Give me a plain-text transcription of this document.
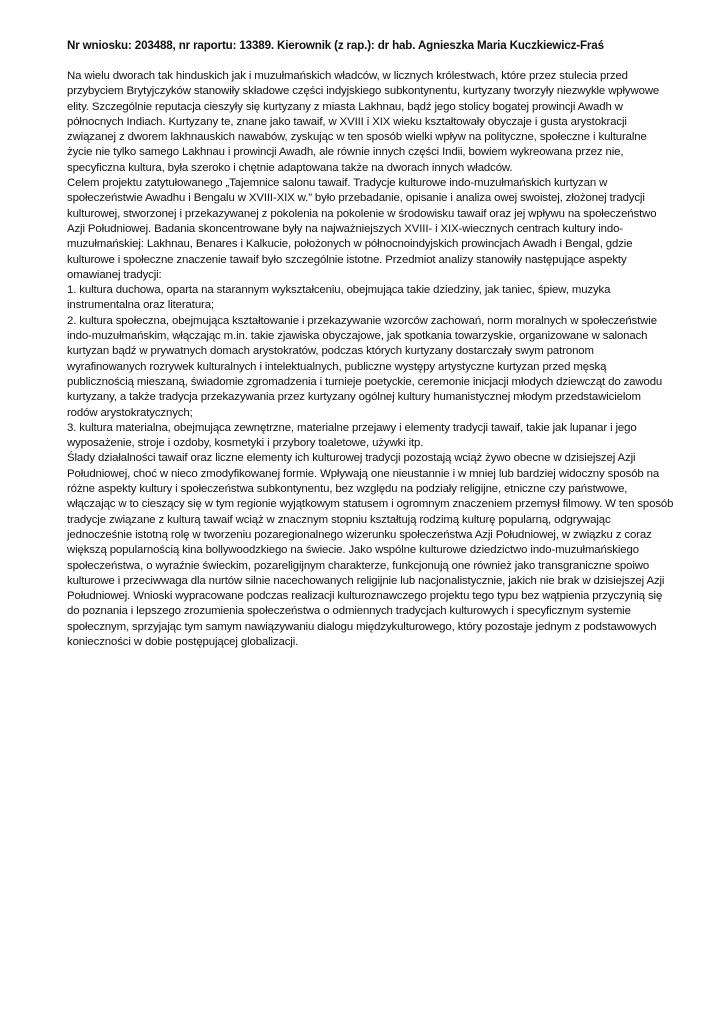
Nr wniosku: 203488, nr raportu: 13389. Kierownik (z rap.): dr hab. Agnieszka Maria Kuczkiewicz-Fraś

Na wielu dworach tak hinduskich jak i muzułmańskich władców, w licznych królestwach, które przez stulecia przed przybyciem Brytyjczyków stanowiły składowe części indyjskiego subkontynentu, kurtyzany tworzyły niezwykle wpływowe elity. Szczególnie reputacja cieszyły się kurtyzany z miasta Lakhnau, bądź jego stolicy bogatej prowincji Awadh w północnych Indiach. Kurtyzany te, znane jako tawaif, w XVIII i XIX wieku kształtowały obyczaje i gusta arystokracji związanej z dworem lakhnauskich nawabów, zyskując w ten sposób wielki wpływ na polityczne, społeczne i kulturalne życie nie tylko samego Lakhnau i prowincji Awadh, ale równie innych części Indii, bowiem wykreowana przez nie, specyficzna kultura, była szeroko i chętnie adaptowana także na dworach innych władców.

Celem projektu zatytułowanego „Tajemnice salonu tawaif. Tradycje kulturowe indo-muzułmańskich kurtyzan w społeczeństwie Awadhu i Bengalu w XVIII-XIX w.” było przebadanie, opisanie i analiza owej swoistej, złożonej tradycji kulturowej, stworzonej i przekazywanej z pokolenia na pokolenie w środowisku tawaif oraz jej wpływu na społeczeństwo Azji Południowej. Badania skoncentrowane były na najważniejszych XVIII- i XIX-wiecznych centrach kultury indo-muzułmańskiej: Lakhnau, Benares i Kalkucie, położonych w północnoindyjskich prowincjach Awadh i Bengal, gdzie kulturowe i społeczne znaczenie tawaif było szczególnie istotne. Przedmiot analizy stanowiły następujące aspekty omawianej tradycji:

1. kultura duchowa, oparta na starannym wykształceniu, obejmująca takie dziedziny, jak taniec, śpiew, muzyka instrumentalna oraz literatura;

2. kultura społeczna, obejmująca kształtowanie i przekazywanie wzorców zachowań, norm moralnych w społeczeństwie indo-muzułmańskim, włączając m.in. takie zjawiska obyczajowe, jak spotkania towarzyskie, organizowane w salonach kurtyzan bądź w prywatnych domach arystokratów, podczas których kurtyzany dostarczały swym patronom wyrafinowanych rozrywek kulturalnych i intelektualnych, publiczne występy artystyczne kurtyzan przed męską publicznością mieszaną, świadomie zgromadzenia i turnieje poetyckie, ceremonie inicjacji młodych dziewcząt do zawodu kurtyzany, a także tradycja przekazywania przez kurtyzany ogólnej kultury humanistycznej młodym przedstawicielom rodów arystokratycznych;

3. kultura materialna, obejmująca zewnętrzne, materialne przejawy i elementy tradycji tawaif, takie jak lupanar i jego wyposażenie, stroje i ozdoby, kosmetyki i przybory toaletowe, używki itp.

Ślady działalności tawaif oraz liczne elementy ich kulturowej tradycji pozostają wciąż żywo obecne w dzisiejszej Azji Południowej, choć w nieco zmodyfikowanej formie. Wpływają one nieustannie i w mniej lub bardziej widoczny sposób na różne aspekty kultury i społeczeństwa subkontynentu, bez względu na podziały religijne, etniczne czy państwowe, włączając w to cieszący się w tym regionie wyjątkowym statusem i ogromnym znaczeniem przemysł filmowy. W ten sposób tradycje związane z kulturą tawaif wciąż w znacznym stopniu kształtują rodzimą kulturę popularną, odgrywając jednocześnie istotną rolę w tworzeniu pozaregionalnego wizerunku społeczeństwa Azji Południowej, w związku z coraz większą popularnością kina bollywoodzkiego na świecie. Jako wspólne kulturowe dziedzictwo indo-muzułmańskiego społeczeństwa, o wyraźnie świeckim, pozareligijnym charakterze, funkcjonują one również jako transgraniczne spoiwo kulturowe i przeciwwaga dla nurtów silnie nacechowanych religijnie lub nacjonalistycznie, jakich nie brak w dzisiejszej Azji Południowej. Wnioski wypracowane podczas realizacji kulturoznawczego projektu tego typu bez wątpienia przyczynią się do poznania i lepszego zrozumienia społeczeństwa o odmiennych tradycjach kulturowych i specyficznym systemie społecznym, sprzyjając tym samym nawiązywaniu dialogu międzykulturowego, który pozostaje jednym z podstawowych konieczności w dobie postępującej globalizacji.
